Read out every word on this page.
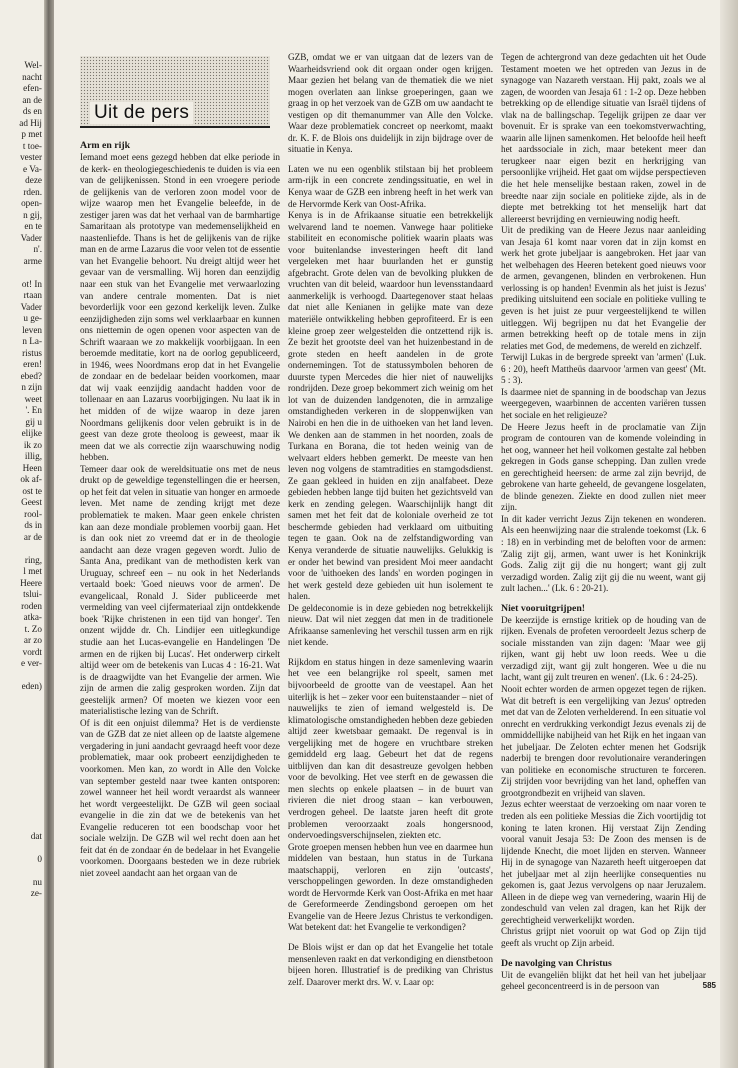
Wel-
nacht
efen-
an de
ds en
ad Hij
p met
t toe-
vester
e Va-
deze
rden.
open-
n gij,
en te
Vader
n'.
arme
ot! In
rtaan
Vader
u ge-
leven
n La-
ristus
eren!
ebed?
n zijn
weet
'. En
gij u
elijke
ik zo
illig,
Heen
ok af-
ost te
Geest
rool-
ds in
ar de
ring,
l met
Heere
tslui-
roden
atka-
t. Zo
ar zo
vordt
e ver-
eden)
dat
0
nu
ze-
Uit de pers
Arm en rijk

Iemand moet eens gezegd hebben dat elke periode in de kerk- en theologiegeschiedenis te duiden is via een van de gelijkenissen. Stond in een vroegere periode de gelijkenis van de verloren zoon model voor de wijze waarop men het Evangelie beleefde, in de zestiger jaren was dat het verhaal van de barmhartige Samaritaan als prototype van medemenselijkheid en naastenliefde. Thans is het de gelijkenis van de rijke man en de arme Lazarus die voor velen tot de essentie van het Evangelie behoort. Nu dreigt altijd weer het gevaar van de versmalling. Wij horen dan eenzijdig naar een stuk van het Evangelie met verwaarlozing van andere centrale momenten. Dat is niet bevorderlijk voor een gezond kerkelijk leven. Zulke eenzijdigheden zijn soms wel verklaarbaar en kunnen ons niettemin de ogen openen voor aspecten van de Schrift waaraan we zo makkelijk voorbijgaan. In een beroemde meditatie, kort na de oorlog gepubliceerd, in 1946, wees Noordmans erop dat in het Evangelie de zondaar en de bedelaar beiden voorkomen, maar dat wij vaak eenzijdig aandacht hadden voor de tollenaar en aan Lazarus voorbijgingen. Nu laat ik in het midden of de wijze waarop in deze jaren Noordmans gelijkenis door velen gebruikt is in de geest van deze grote theoloog is geweest, maar ik meen dat we als correctie zijn waarschuwing nodig hebben.

Temeer daar ook de wereldsituatie ons met de neus drukt op de geweldige tegenstellingen die er heersen, op het feit dat velen in situatie van honger en armoede leven. Met name de zending krijgt met deze problematiek te maken. Maar geen enkele christen kan aan deze mondiale problemen voorbij gaan. Het is dan ook niet zo vreemd dat er in de theologie aandacht aan deze vragen gegeven wordt. Julio de Santa Ana, predikant van de methodisten kerk van Uruguay, schreef een – nu ook in het Nederlands vertaald boek: 'Goed nieuws voor de armen'. De evangelicaal, Ronald J. Sider publiceerde met vermelding van veel cijfermateriaal zijn ontdekkende boek 'Rijke christenen in een tijd van honger'. Ten onzent wijdde dr. Ch. Lindijer een uitlegkundige studie aan het Lucas-evangelie en Handelingen 'De armen en de rijken bij Lucas'. Het onderwerp cirkelt altijd weer om de betekenis van Lucas 4 : 16-21. Wat is de draagwijdte van het Evangelie der armen. Wie zijn de armen die zalig gesproken worden. Zijn dat geestelijk armen? Of moeten we kiezen voor een materialistische lezing van de Schrift.

Of is dit een onjuist dilemma? Het is de verdienste van de GZB dat ze niet alleen op de laatste algemene vergadering in juni aandacht gevraagd heeft voor deze problematiek, maar ook probeert eenzijdigheden te voorkomen. Men kan, zo wordt in Alle den Volcke van september gesteld naar twee kanten ontsporen: zowel wanneer het heil wordt veraardst als wanneer het wordt vergeestelijkt. De GZB wil geen sociaal evangelie in die zin dat we de betekenis van het Evangelie reduceren tot een boodschap voor het sociale welzijn. De GZB wil wel recht doen aan het feit dat én de zondaar én de bedelaar in het Evangelie voorkomen. Doorgaans besteden we in deze rubriek niet zoveel aandacht aan het orgaan van de

GZB, omdat we er van uitgaan dat de lezers van de Waarheidsvriend ook dit orgaan onder ogen krijgen. Maar gezien het belang van de thematiek die we niet mogen overlaten aan linkse groeperingen, gaan we graag in op het verzoek van de GZB om uw aandacht te vestigen op dit themanummer van Alle den Volcke. Waar deze problematiek concreet op neerkomt, maakt dr. K. F. de Blois ons duidelijk in zijn bijdrage over de situatie in Kenya.

Laten we nu een ogenblik stilstaan bij het probleem arm-rijk in een concrete zendingssituatie, en wel in Kenya waar de GZB een inbreng heeft in het werk van de Hervormde Kerk van Oost-Afrika.

Kenya is in de Afrikaanse situatie een betrekkelijk welvarend land te noemen. Vanwege haar politieke stabiliteit en economische politiek waarin plaats was voor buitenlandse investeringen heeft dit land vergeleken met haar buurlanden het er gunstig afgebracht. Grote delen van de bevolking plukken de vruchten van dit beleid, waardoor hun levensstandaard aanmerkelijk is verhoogd. Daartegenover staat helaas dat niet alle Kenianen in gelijke mate van deze materiële ontwikkeling hebben geprofiteerd. Er is een kleine groep zeer welgestelden die ontzettend rijk is. Ze bezit het grootste deel van het huizenbestand in de grote steden en heeft aandelen in de grote ondernemingen. Tot de statussymbolen behoren de duurste typen Mercedes die hier niet of nauwelijks rondrijden. Deze groep bekommert zich weinig om het lot van de duizenden landgenoten, die in armzalige omstandigheden verkeren in de sloppenwijken van Nairobi en hen die in de uithoeken van het land leven. We denken aan de stammen in het noorden, zoals de Turkana en Borana, die tot heden weinig van de welvaart elders hebben gemerkt. De meeste van hen leven nog volgens de stamtradities en stamgodsdienst. Ze gaan gekleed in huiden en zijn analfabeet. Deze gebieden hebben lange tijd buiten het gezichtsveld van kerk en zending gelegen. Waarschijnlijk hangt dit samen met het feit dat de koloniale overheid ze tot beschermde gebieden had verklaard om uitbuiting tegen te gaan. Ook na de zelfstandigwording van Kenya veranderde de situatie nauwelijks. Gelukkig is er onder het bewind van president Moi meer aandacht voor de 'uithoeken des lands' en worden pogingen in het werk gesteld deze gebieden uit hun isolement te halen.

De geldeconomie is in deze gebieden nog betrekkelijk nieuw. Dat wil niet zeggen dat men in de traditionele Afrikaanse samenleving het verschil tussen arm en rijk niet kende.

Rijkdom en status hingen in deze samenleving waarin het vee een belangrijke rol speelt, samen met bijvoorbeeld de grootte van de veestapel. Aan het uiterlijk is het – zeker voor een buitenstaander – niet of nauwelijks te zien of iemand welgesteld is. De klimatologische omstandigheden hebben deze gebieden altijd zeer kwetsbaar gemaakt. De regenval is in vergelijking met de hogere en vruchtbare streken gemiddeld erg laag. Gebeurt het dat de regens uitblijven dan kan dit desastreuze gevolgen hebben voor de bevolking. Het vee sterft en de gewassen die men slechts op enkele plaatsen – in de buurt van rivieren die niet droog staan – kan verbouwen, verdrogen geheel. De laatste jaren heeft dit grote problemen veroorzaakt zoals hongersnood, ondervoedingsverschijnselen, ziekten etc.

Grote groepen mensen hebben hun vee en daarmee hun middelen van bestaan, hun status in de Turkana maatschappij, verloren en zijn 'outcasts', verschoppelingen geworden. In deze omstandigheden wordt de Hervormde Kerk van Oost-Afrika en met haar de Gereformeerde Zendingsbond geroepen om het Evangelie van de Heere Jezus Christus te verkondigen. Wat betekent dat: het Evangelie te verkondigen?

De Blois wijst er dan op dat het Evangelie het totale mensenleven raakt en dat verkondiging en dienstbetoon bijeen horen. Illustratief is de prediking van Christus zelf. Daarover merkt drs. W. v. Laar op:

Tegen de achtergrond van deze gedachten uit het Oude Testament moeten we het optreden van Jezus in de synagoge van Nazareth verstaan. Hij pakt, zoals we al zagen, de woorden van Jesaja 61 : 1-2 op. Deze hebben betrekking op de ellendige situatie van Israël tijdens of vlak na de ballingschap. Tegelijk grijpen ze daar ver bovenuit. Er is sprake van een toekomstverwachting, waarin alle lijnen samenkomen. Het beloofde heil heeft het aardssociale in zich, maar betekent meer dan terugkeer naar eigen bezit en herkrijging van persoonlijke vrijheid. Het gaat om wijdse perspectieven die het hele menselijke bestaan raken, zowel in de breedte naar zijn sociale en politieke zijde, als in de diepte met betrekking tot het menselijk hart dat allereerst bevrijding en vernieuwing nodig heeft.

Uit de prediking van de Heere Jezus naar aanleiding van Jesaja 61 komt naar voren dat in zijn komst en werk het grote jubeljaar is aangebroken. Het jaar van het welbehagen des Heeren betekent goed nieuws voor de armen, gevangenen, blinden en verbrokenen. Hun verlossing is op handen! Evenmin als het juist is Jezus' prediking uitsluitend een sociale en politieke vulling te geven is het juist ze puur vergeestelijkend te willen uitleggen. Wij begrijpen nu dat het Evangelie der armen betrekking heeft op de totale mens in zijn relaties met God, de medemens, de wereld en zichzelf.

Terwijl Lukas in de bergrede spreekt van 'armen' (Luk. 6 : 20), heeft Mattheüs daarvoor 'armen van geest' (Mt. 5 : 3).

Is daarmee niet de spanning in de boodschap van Jezus weergegeven, waarbinnen de accenten variëren tussen het sociale en het religieuze?

De Heere Jezus heeft in de proclamatie van Zijn program de contouren van de komende voleinding in het oog, wanneer het heil volkomen gestalte zal hebben gekregen in Gods ganse schepping. Dan zullen vrede en gerechtigheid heersen: de arme zal zijn bevrijd, de gebrokene van harte geheeld, de gevangene losgelaten, de blinde genezen. Ziekte en dood zullen niet meer zijn.

In dit kader verricht Jezus Zijn tekenen en wonderen. Als een heenwijzing naar die stralende toekomst (Lk. 6 : 18) en in verbinding met de beloften voor de armen: 'Zalig zijt gij, armen, want uwer is het Koninkrijk Gods. Zalig zijt gij die nu hongert; want gij zult verzadigd worden. Zalig zijt gij die nu weent, want gij zult lachen...' (Lk. 6 : 20-21).

Niet vooruitgrijpen!

De keerzijde is ernstige kritiek op de houding van de rijken. Evenals de profeten veroordeelt Jezus scherp de sociale misstanden van zijn dagen: 'Maar wee gij rijken, want gij hebt uw loon reeds. Wee u die verzadigd zijt, want gij zult hongeren. Wee u die nu lacht, want gij zult treuren en wenen'. (Lk. 6 : 24-25).

Nooit echter worden de armen opgezet tegen de rijken. Wat dit betreft is een vergelijking van Jezus' optreden met dat van de Zeloten verhelderend. In een situatie vol onrecht en verdrukking verkondigt Jezus evenals zij de ommiddellijke nabijheid van het Rijk en het ingaan van het jubeljaar. De Zeloten echter menen het Godsrijk naderbij te brengen door revolutionaire veranderingen van politieke en economische structuren te forceren. Zij strijden voor bevrijding van het land, opheffen van grootgrondbezit en vrijheid van slaven.

Jezus echter weerstaat de verzoeking om naar voren te treden als een politieke Messias die Zich voortijdig tot koning te laten kronen. Hij verstaat Zijn Zending vooral vanuit Jesaja 53: De Zoon des mensen is de lijdende Knecht, die moet lijden en sterven. Wanneer Hij in de synagoge van Nazareth heeft uitgeroepen dat het jubeljaar met al zijn heerlijke consequenties nu gekomen is, gaat Jezus vervolgens op naar Jeruzalem. Alleen in de diepe weg van vernedering, waarin Hij de zondeschuld van velen zal dragen, kan het Rijk der gerechtigheid verwerkelijkt worden.

Christus grijpt niet vooruit op wat God op Zijn tijd geeft als vrucht op Zijn arbeid.

De navolging van Christus

Uit de evangeliën blijkt dat het heil van het jubeljaar geheel geconcentreerd is in de persoon van	585
